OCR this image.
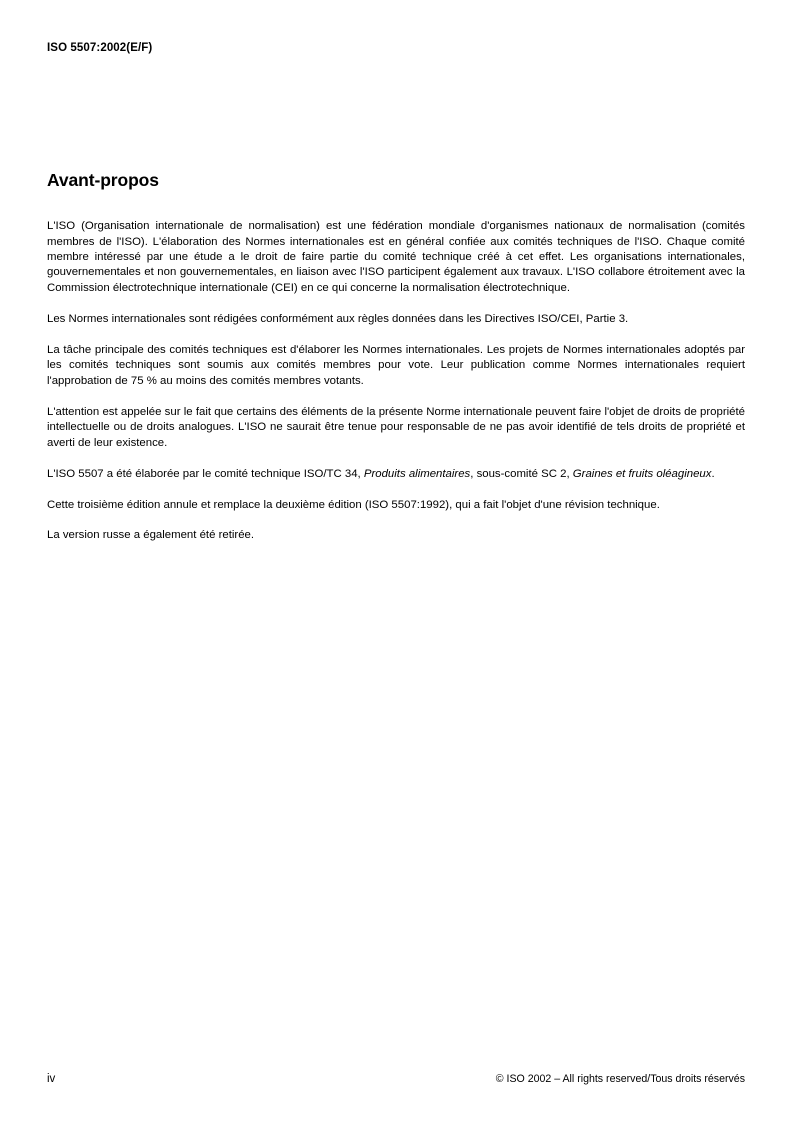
ISO 5507:2002(E/F)
Avant-propos

L'ISO (Organisation internationale de normalisation) est une fédération mondiale d'organismes nationaux de normalisation (comités membres de l'ISO). L'élaboration des Normes internationales est en général confiée aux comités techniques de l'ISO. Chaque comité membre intéressé par une étude a le droit de faire partie du comité technique créé à cet effet. Les organisations internationales, gouvernementales et non gouvernementales, en liaison avec l'ISO participent également aux travaux. L'ISO collabore étroitement avec la Commission électrotechnique internationale (CEI) en ce qui concerne la normalisation électrotechnique.

Les Normes internationales sont rédigées conformément aux règles données dans les Directives ISO/CEI, Partie 3.

La tâche principale des comités techniques est d'élaborer les Normes internationales. Les projets de Normes internationales adoptés par les comités techniques sont soumis aux comités membres pour vote. Leur publication comme Normes internationales requiert l'approbation de 75 % au moins des comités membres votants.

L'attention est appelée sur le fait que certains des éléments de la présente Norme internationale peuvent faire l'objet de droits de propriété intellectuelle ou de droits analogues. L'ISO ne saurait être tenue pour responsable de ne pas avoir identifié de tels droits de propriété et averti de leur existence.

L'ISO 5507 a été élaborée par le comité technique ISO/TC 34, Produits alimentaires, sous-comité SC 2, Graines et fruits oléagineux.

Cette troisième édition annule et remplace la deuxième édition (ISO 5507:1992), qui a fait l'objet d'une révision technique.

La version russe a également été retirée.

iv	© ISO 2002 – All rights reserved/Tous droits réservés
